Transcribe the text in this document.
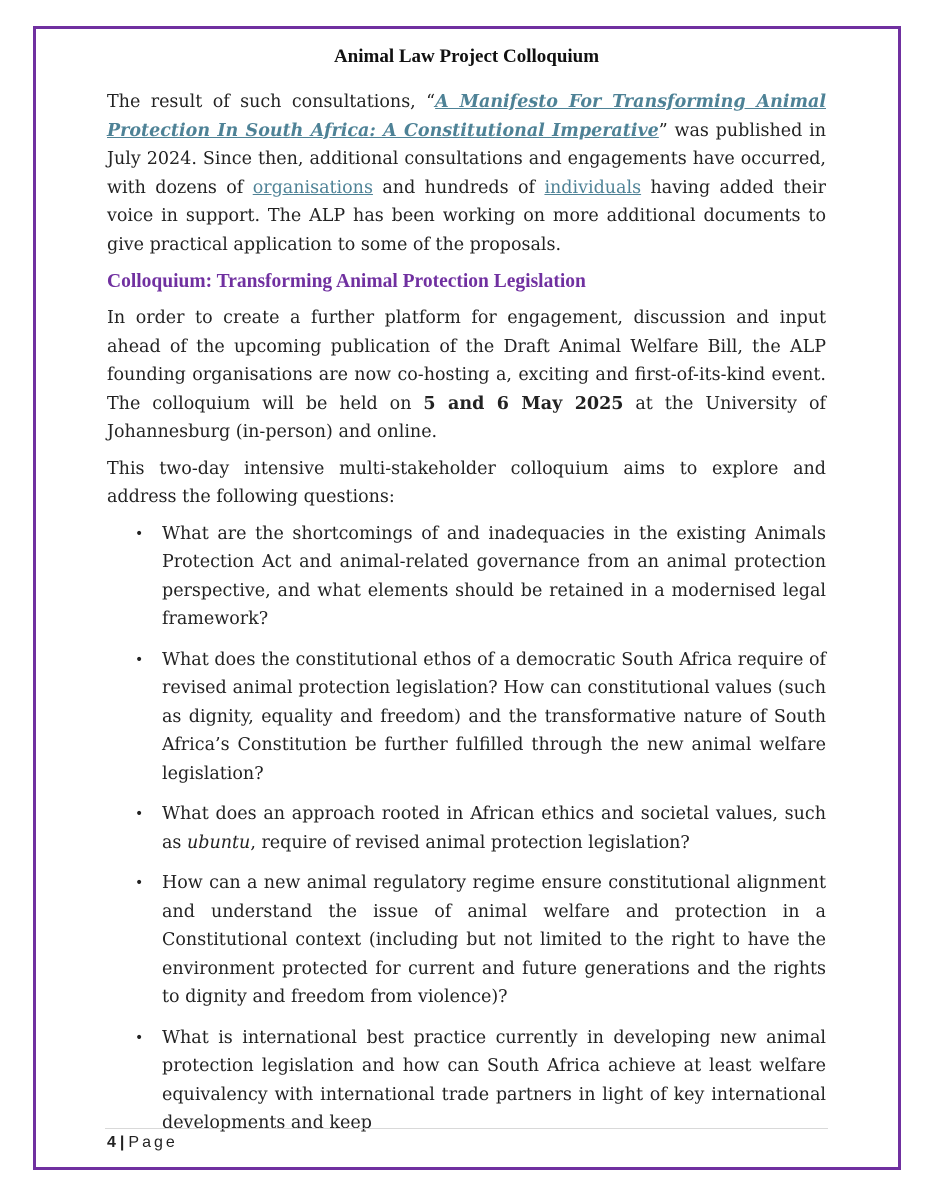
Animal Law Project Colloquium

The result of such consultations, “A Manifesto For Transforming Animal Protection In South Africa: A Constitutional Imperative” was published in July 2024. Since then, additional consultations and engagements have occurred, with dozens of organisations and hundreds of individuals having added their voice in support. The ALP has been working on more additional documents to give practical application to some of the proposals.

Colloquium: Transforming Animal Protection Legislation

In order to create a further platform for engagement, discussion and input ahead of the upcoming publication of the Draft Animal Welfare Bill, the ALP founding organisations are now co-hosting a, exciting and first-of-its-kind event. The colloquium will be held on 5 and 6 May 2025 at the University of Johannesburg (in-person) and online.

This two-day intensive multi-stakeholder colloquium aims to explore and address the following questions:

• What are the shortcomings of and inadequacies in the existing Animals Protection Act and animal-related governance from an animal protection perspective, and what elements should be retained in a modernised legal framework?
• What does the constitutional ethos of a democratic South Africa require of revised animal protection legislation? How can constitutional values (such as dignity, equality and freedom) and the transformative nature of South Africa’s Constitution be further fulfilled through the new animal welfare legislation?
• What does an approach rooted in African ethics and societal values, such as ubuntu, require of revised animal protection legislation?
• How can a new animal regulatory regime ensure constitutional alignment and understand the issue of animal welfare and protection in a Constitutional context (including but not limited to the right to have the environment protected for current and future generations and the rights to dignity and freedom from violence)?
• What is international best practice currently in developing new animal protection legislation and how can South Africa achieve at least welfare equivalency with international trade partners in light of key international developments and keep
4 | Page
